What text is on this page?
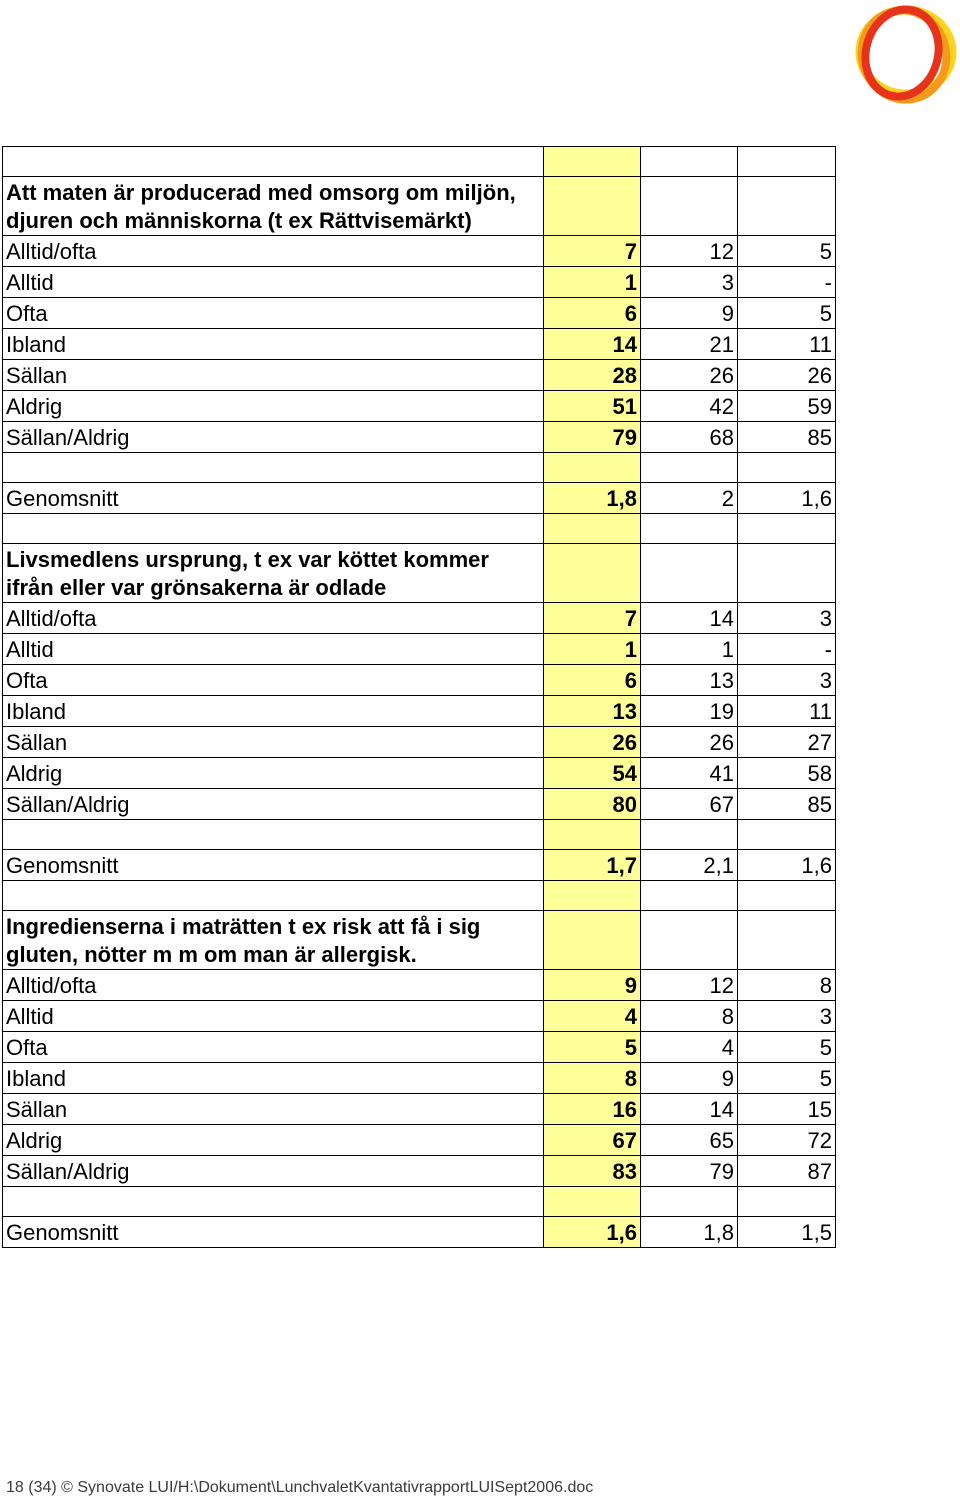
Att maten är producerad med omsorg om miljön, djuren och människorna (t ex Rättvisemärkt)			
Alltid/ofta	7	12	5
Alltid	1	3	-
Ofta	6	9	5
Ibland	14	21	11
Sällan	28	26	26
Aldrig	51	42	59
Sällan/Aldrig	79	68	85

Genomsnitt	1,8	2	1,6

Livsmedlens ursprung, t ex var köttet kommer ifrån eller var grönsakerna är odlade			
Alltid/ofta	7	14	3
Alltid	1	1	-
Ofta	6	13	3
Ibland	13	19	11
Sällan	26	26	27
Aldrig	54	41	58
Sällan/Aldrig	80	67	85

Genomsnitt	1,7	2,1	1,6

Ingredienserna i maträtten t ex risk att få i sig gluten, nötter m m om man är allergisk.			
Alltid/ofta	9	12	8
Alltid	4	8	3
Ofta	5	4	5
Ibland	8	9	5
Sällan	16	14	15
Aldrig	67	65	72
Sällan/Aldrig	83	79	87

Genomsnitt	1,6	1,8	1,5
18 (34) © Synovate LUI/H:\Dokument\LunchvaletKvantativrapportLUISept2006.doc
